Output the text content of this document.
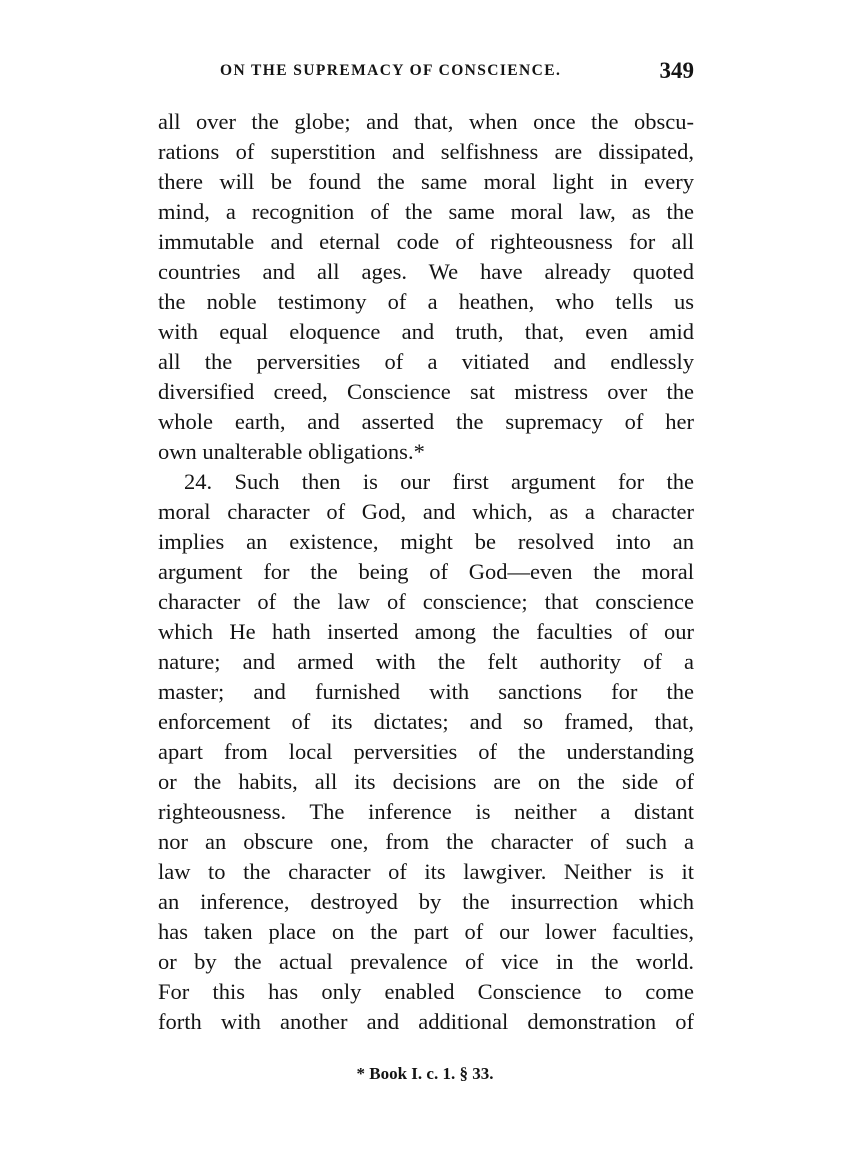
ON THE SUPREMACY OF CONSCIENCE.	349
all over the globe; and that, when once the obscu-
rations of superstition and selfishness are dissipated,
there will be found the same moral light in every
mind, a recognition of the same moral law, as the
immutable and eternal code of righteousness for all
countries and all ages. We have already quoted
the noble testimony of a heathen, who tells us
with equal eloquence and truth, that, even amid
all the perversities of a vitiated and endlessly
diversified creed, Conscience sat mistress over the
whole earth, and asserted the supremacy of her
own unalterable obligations.*
24. Such then is our first argument for the
moral character of God, and which, as a character
implies an existence, might be resolved into an
argument for the being of God—even the moral
character of the law of conscience; that conscience
which He hath inserted among the faculties of our
nature; and armed with the felt authority of a
master; and furnished with sanctions for the
enforcement of its dictates; and so framed, that,
apart from local perversities of the understanding
or the habits, all its decisions are on the side of
righteousness. The inference is neither a distant
nor an obscure one, from the character of such a
law to the character of its lawgiver. Neither is it
an inference, destroyed by the insurrection which
has taken place on the part of our lower faculties,
or by the actual prevalence of vice in the world.
For this has only enabled Conscience to come
forth with another and additional demonstration of
* Book I. c. 1. § 33.
